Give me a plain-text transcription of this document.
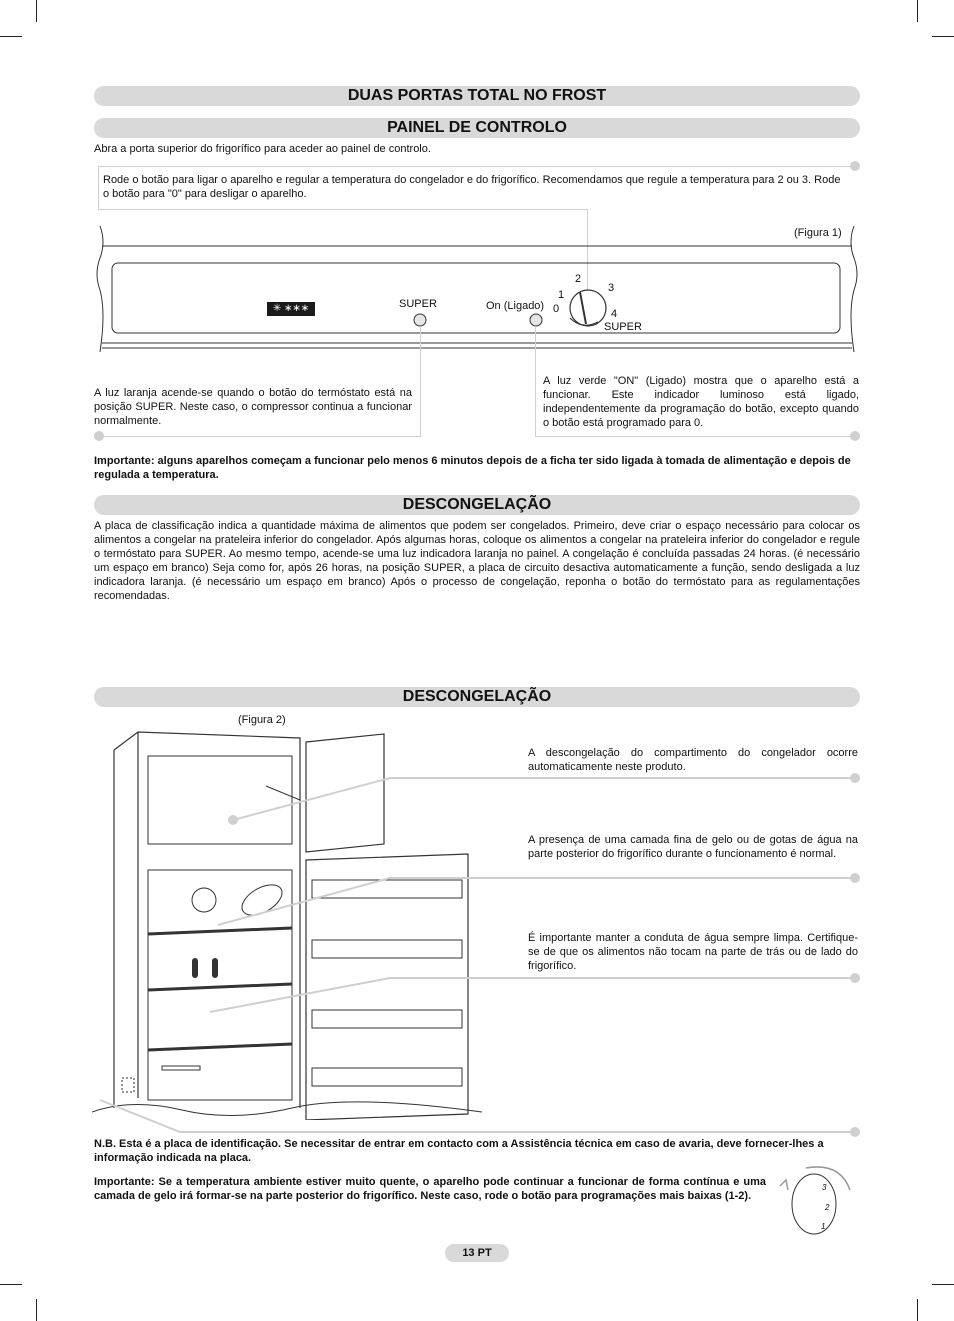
DUAS PORTAS TOTAL NO FROST
PAINEL DE CONTROLO
Abra a porta superior do frigorífico para aceder ao painel de controlo.
Rode o botão para ligar o aparelho e regular a temperatura do congelador e do frigorífico. Recomendamos que regule a temperatura para 2 ou 3. Rode o botão para "0" para desligar o aparelho.
(Figura 1)
✳ ∗∗∗	SUPER	On (Ligado)
2
1
0
3
4
SUPER
A luz laranja acende-se quando o botão do termóstato está na posição SUPER. Neste caso, o compressor continua a funcionar normalmente.
A luz verde "ON" (Ligado) mostra que o aparelho está a funcionar. Este indicador luminoso está ligado, independentemente da programação do botão, excepto quando o botão está programado para 0.
Importante: alguns aparelhos começam a funcionar pelo menos 6 minutos depois de a ficha ter sido ligada à tomada de alimentação e depois de regulada a temperatura.
DESCONGELAÇÃO
A placa de classificação indica a quantidade máxima de alimentos que podem ser congelados. Primeiro, deve criar o espaço necessário para colocar os alimentos a congelar na prateleira inferior do congelador. Após algumas horas, coloque os alimentos a congelar na prateleira inferior do congelador e regule o termóstato para SUPER. Ao mesmo tempo, acende-se uma luz indicadora laranja no painel. A congelação é concluída passadas 24 horas. (é necessário um espaço em branco) Seja como for, após 26 horas, na posição SUPER, a placa de circuito desactiva automaticamente a função, sendo desligada a luz indicadora laranja. (é necessário um espaço em branco) Após o processo de congelação, reponha o botão do termóstato para as regulamentações recomendadas.
DESCONGELAÇÃO
(Figura 2)
A descongelação do compartimento do congelador ocorre automaticamente neste produto.
A presença de uma camada fina de gelo ou de gotas de água na parte posterior do frigorífico durante o funcionamento é normal.
É importante manter a conduta de água sempre limpa. Certifique-se de que os alimentos não tocam na parte de trás ou de lado do frigorífico.
N.B. Esta é a placa de identificação. Se necessitar de entrar em contacto com a Assistência técnica em caso de avaria, deve fornecer-lhes a informação indicada na placa.
Importante: Se a temperatura ambiente estiver muito quente, o aparelho pode continuar a funcionar de forma contínua e uma camada de gelo irá formar-se na parte posterior do frigorífico. Neste caso, rode o botão para programações mais baixas (1-2).
3
2
1
13 PT
